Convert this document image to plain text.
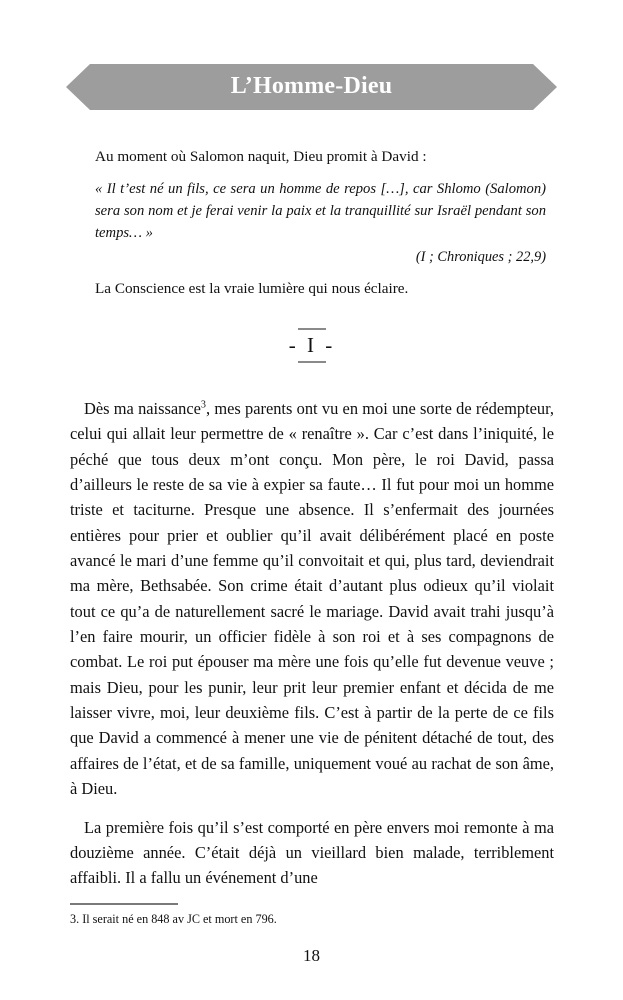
L’Homme-Dieu

Au moment où Salomon naquit, Dieu promit à David :

« Il t’est né un fils, ce sera un homme de repos […], car Shlomo (Salomon) sera son nom et je ferai venir la paix et la tranquillité sur Israël pendant son temps… »

(I ; Chroniques ; 22,9)

La Conscience est la vraie lumière qui nous éclaire.

- I -

Dès ma naissance$^3$, mes parents ont vu en moi une sorte de rédempteur, celui qui allait leur permettre de « renaître ». Car c’est dans l’iniquité, le péché que tous deux m’ont conçu. Mon père, le roi David, passa d’ailleurs le reste de sa vie à expier sa faute… Il fut pour moi un homme triste et taciturne. Presque une absence. Il s’enfermait des journées entières pour prier et oublier qu’il avait délibérément placé en poste avancé le mari d’une femme qu’il convoitait et qui, plus tard, deviendrait ma mère, Bethsabée. Son crime était d’autant plus odieux qu’il violait tout ce qu’a de naturellement sacré le mariage. David avait trahi jusqu’à l’en faire mourir, un officier fidèle à son roi et à ses compagnons de combat. Le roi put épouser ma mère une fois qu’elle fut devenue veuve ; mais Dieu, pour les punir, leur prit leur premier enfant et décida de me laisser vivre, moi, leur deuxième fils. C’est à partir de la perte de ce fils que David a commencé à mener une vie de pénitent détaché de tout, des affaires de l’état, et de sa famille, uniquement voué au rachat de son âme, à Dieu.

La première fois qu’il s’est comporté en père envers moi remonte à ma douzième année. C’était déjà un vieillard bien malade, terriblement affaibli. Il a fallu un événement d’une

3. Il serait né en 848 av JC et mort en 796.

18
